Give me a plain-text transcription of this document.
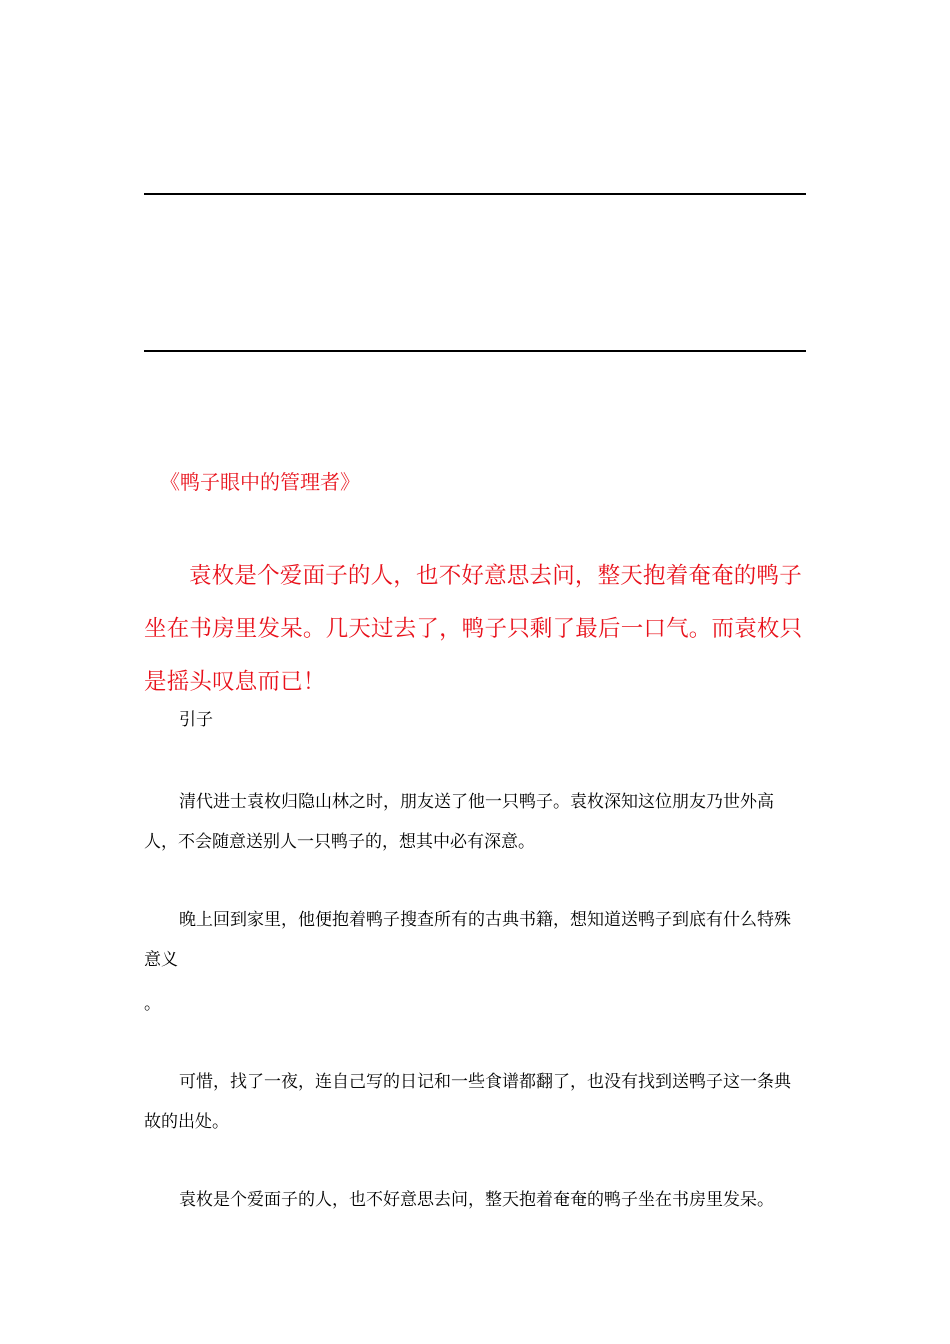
《鸭子眼中的管理者》
袁枚是个爱面子的人，也不好意思去问，整天抱着奄奄的鸭子坐在书房里发呆。几天过去了，鸭子只剩了最后一口气。而袁枚只是摇头叹息而已！
引子
清代进士袁枚归隐山林之时，朋友送了他一只鸭子。袁枚深知这位朋友乃世外高人，不会随意送别人一只鸭子的，想其中必有深意。
晚上回到家里，他便抱着鸭子搜查所有的古典书籍，想知道送鸭子到底有什么特殊意义
。
可惜，找了一夜，连自己写的日记和一些食谱都翻了，也没有找到送鸭子这一条典故的出处。
袁枚是个爱面子的人，也不好意思去问，整天抱着奄奄的鸭子坐在书房里发呆。
